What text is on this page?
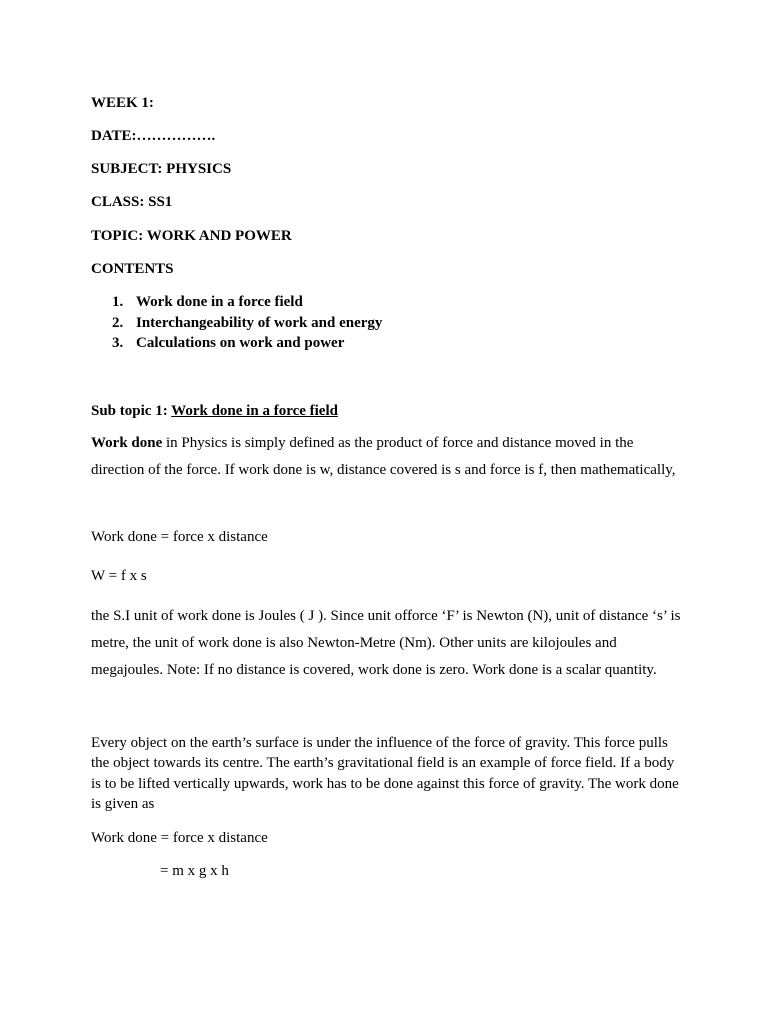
WEEK 1:
DATE:…………….
SUBJECT: PHYSICS
CLASS: SS1
TOPIC: WORK AND POWER
CONTENTS
1. Work done in a force field
2. Interchangeability of work and energy
3. Calculations on work and power
Sub topic 1: Work done in a force field
Work done in Physics is simply defined as the product of force and distance moved in the direction of the force. If work done is w, distance covered is s and force is f, then mathematically,
Work done = force x distance
W = f x s
the S.I unit of work done is Joules ( J ). Since unit offorce ‘F’ is Newton (N), unit of distance ‘s’ is metre, the unit of work done is also Newton-Metre (Nm). Other units are kilojoules and megajoules. Note: If no distance is covered, work done is zero. Work done is a scalar quantity.
Every object on the earth’s surface is under the influence of the force of gravity. This force pulls the object towards its centre. The earth’s gravitational field is an example of force field. If a body is to be lifted vertically upwards, work has to be done against this force of gravity. The work done is given as
Work done = force x distance
= m x g x h
